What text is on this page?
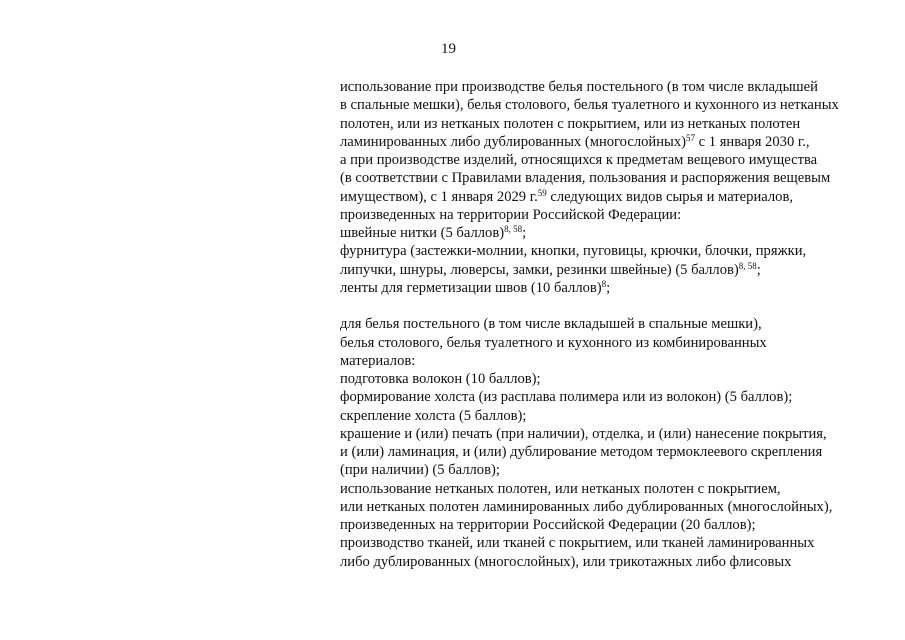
19
использование при производстве белья постельного (в том числе вкладышей
в спальные мешки), белья столового, белья туалетного и кухонного из нетканых
полотен, или из нетканых полотен с покрытием, или из нетканых полотен
ламинированных либо дублированных (многослойных)$^{57}$ с 1 января 2030 г.,
а при производстве изделий, относящихся к предметам вещевого имущества
(в соответствии с Правилами владения, пользования и распоряжения вещевым
имуществом), с 1 января 2029 г.$^{59}$ следующих видов сырья и материалов,
произведенных на территории Российской Федерации:
швейные нитки (5 баллов)$^{8, 58}$;
фурнитура (застежки-молнии, кнопки, пуговицы, крючки, блочки, пряжки,
липучки, шнуры, люверсы, замки, резинки швейные) (5 баллов)$^{8, 58}$;
ленты для герметизации швов (10 баллов)$^8$;
для белья постельного (в том числе вкладышей в спальные мешки),
белья столового, белья туалетного и кухонного из комбинированных
материалов:
подготовка волокон (10 баллов);
формирование холста (из расплава полимера или из волокон) (5 баллов);
скрепление холста (5 баллов);
крашение и (или) печать (при наличии), отделка, и (или) нанесение покрытия,
и (или) ламинация, и (или) дублирование методом термоклеевого скрепления
(при наличии) (5 баллов);
использование нетканых полотен, или нетканых полотен с покрытием,
или нетканых полотен ламинированных либо дублированных (многослойных),
произведенных на территории Российской Федерации (20 баллов);
производство тканей, или тканей с покрытием, или тканей ламинированных
либо дублированных (многослойных), или трикотажных либо флисовых
